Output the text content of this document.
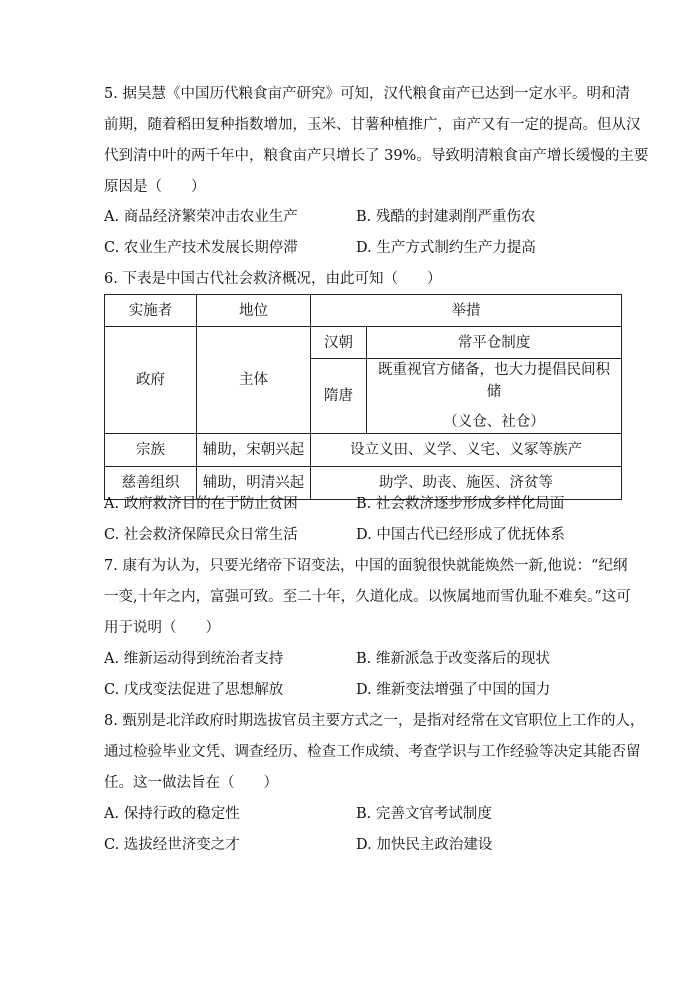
5. 据吴慧《中国历代粮食亩产研究》可知，汉代粮食亩产已达到一定水平。明和清
前期，随着稻田复种指数增加，玉米、甘薯种植推广，亩产又有一定的提高。但从汉
代到清中叶的两千年中，粮食亩产只增长了 39%。导致明清粮食亩产增长缓慢的主要
原因是（　　）
A. 商品经济繁荣冲击农业生产	B. 残酷的封建剥削严重伤农
C. 农业生产技术发展长期停滞	D. 生产方式制约生产力提高
6. 下表是中国古代社会救济概况，由此可知（　　）
实施者	地位	举措	
政府	主体	汉朝	常平仓制度
		隋唐	既重视官方储备，也大力提倡民间积储
（义仓、社仓）

宗族	辅助，宋朝兴起	设立义田、义学、义宅、义冢等族产	
慈善组织	辅助，明清兴起	助学、助丧、施医、济贫等	
A. 政府救济目的在于防止贫困	B. 社会救济逐步形成多样化局面
C. 社会救济保障民众日常生活	D. 中国古代已经形成了优抚体系
7. 康有为认为，只要光绪帝下诏变法，中国的面貌很快就能焕然一新,他说：“纪纲
一变,十年之内，富强可致。至二十年，久道化成。以恢属地而雪仇耻不难矣。”这可
用于说明（　　）
A. 维新运动得到统治者支持	B. 维新派急于改变落后的现状
C. 戊戌变法促进了思想解放	D. 维新变法增强了中国的国力
8. 甄别是北洋政府时期选拔官员主要方式之一，是指对经常在文官职位上工作的人，
通过检验毕业文凭、调查经历、检查工作成绩、考查学识与工作经验等决定其能否留
任。这一做法旨在（　　）
A. 保持行政的稳定性	B. 完善文官考试制度
C. 选拔经世济变之才	D. 加快民主政治建设
